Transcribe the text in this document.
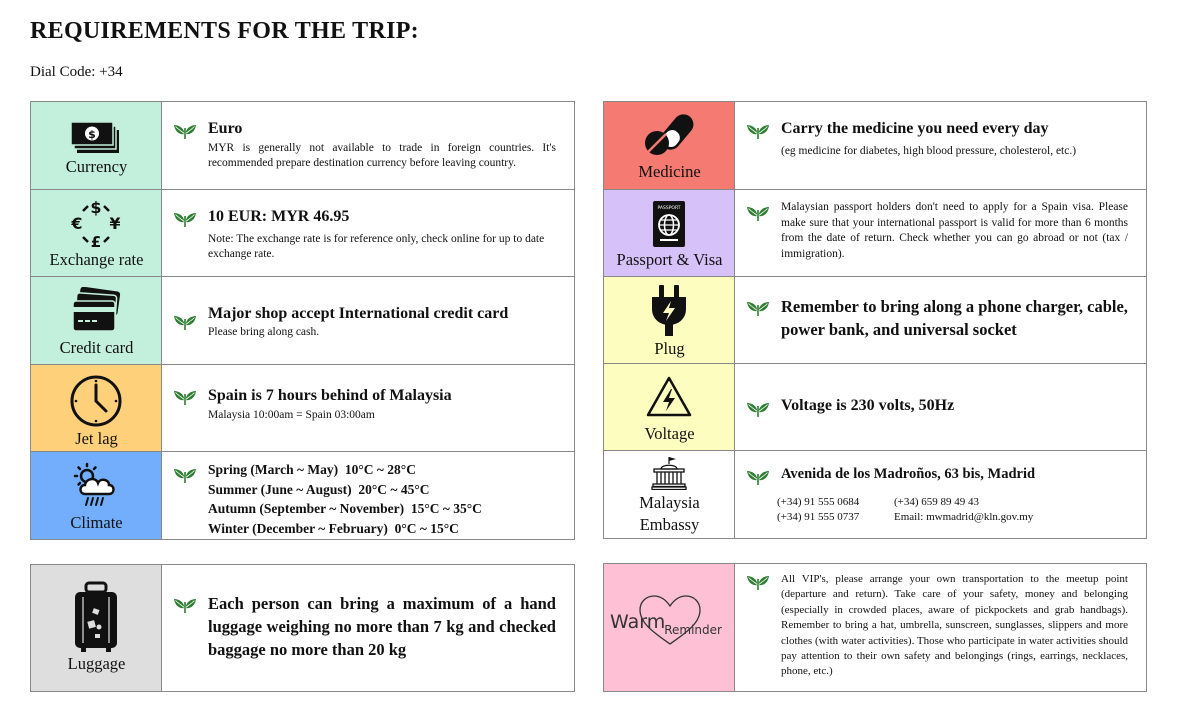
REQUIREMENTS FOR THE TRIP:
Dial Code: +34
$
Currency
Euro
MYR is generally not available to trade in foreign countries. It's recommended prepare destination currency before leaving country.
$
€ ¥
£
Exchange rate
10 EUR: MYR 46.95
Note: The exchange rate is for reference only, check online for up to date exchange rate.
Credit card
Major shop accept International credit card
Please bring along cash.
Jet lag
Spain is 7 hours behind of Malaysia
Malaysia 10:00am = Spain 03:00am
Climate
Spring (March ~ May)  10°C ~ 28°C
Summer (June ~ August)  20°C ~ 45°C
Autumn (September ~ November)  15°C ~ 35°C
Winter (December ~ February)  0°C ~ 15°C
Medicine
Carry the medicine you need every day
(eg medicine for diabetes, high blood pressure, cholesterol, etc.)
PASSPORT
Passport & Visa
Malaysian passport holders don't need to apply for a Spain visa. Please make sure that your international passport is valid for more than 6 months from the date of return. Check whether you can go abroad or not (tax / immigration).
Plug
Remember to bring along a phone charger, cable, power bank, and universal socket
Voltage
Voltage is 230 volts, 50Hz
Malaysia
Embassy
Avenida de los Madroños, 63 bis, Madrid
(+34) 91 555 0684
(+34) 91 555 0737
(+34) 659 89 49 43
Email: mwmadrid@kln.gov.my
Luggage
Each person can bring a maximum of a hand luggage weighing no more than 7 kg and checked baggage no more than 20 kg
Warm$_{Reminder}$
All VIP's, please arrange your own transportation to the meetup point (departure and return). Take care of your safety, money and belonging (especially in crowded places, aware of pickpockets and grab handbags). Remember to bring a hat, umbrella, sunscreen, sunglasses, slippers and more clothes (with water activities). Those who participate in water activities should pay attention to their own safety and belongings (rings, earrings, necklaces, phone, etc.)
